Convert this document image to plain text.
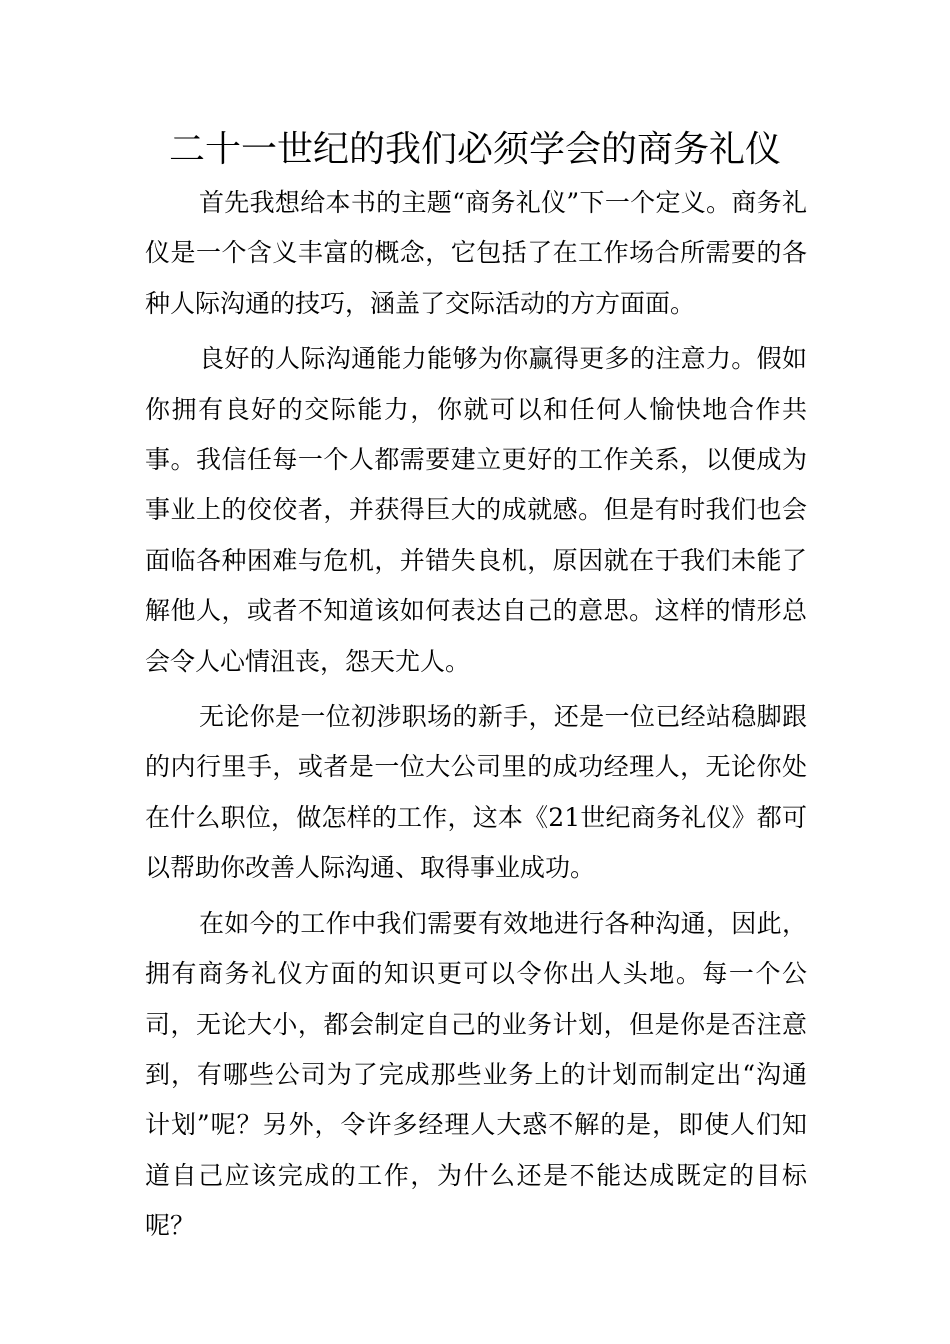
二十一世纪的我们必须学会的商务礼仪

首先我想给本书的主题“商务礼仪”下一个定义。商务礼仪是一个含义丰富的概念，它包括了在工作场合所需要的各种人际沟通的技巧，涵盖了交际活动的方方面面。

良好的人际沟通能力能够为你赢得更多的注意力。假如你拥有良好的交际能力，你就可以和任何人愉快地合作共事。我信任每一个人都需要建立更好的工作关系，以便成为事业上的佼佼者，并获得巨大的成就感。但是有时我们也会面临各种困难与危机，并错失良机，原因就在于我们未能了解他人，或者不知道该如何表达自己的意思。这样的情形总会令人心情沮丧，怨天尤人。

无论你是一位初涉职场的新手，还是一位已经站稳脚跟的内行里手，或者是一位大公司里的成功经理人，无论你处在什么职位，做怎样的工作，这本《21世纪商务礼仪》都可以帮助你改善人际沟通、取得事业成功。

在如今的工作中我们需要有效地进行各种沟通，因此，拥有商务礼仪方面的知识更可以令你出人头地。每一个公司，无论大小，都会制定自己的业务计划，但是你是否注意到，有哪些公司为了完成那些业务上的计划而制定出“沟通计划”呢？另外，令许多经理人大惑不解的是，即使人们知道自己应该完成的工作，为什么还是不能达成既定的目标呢？
